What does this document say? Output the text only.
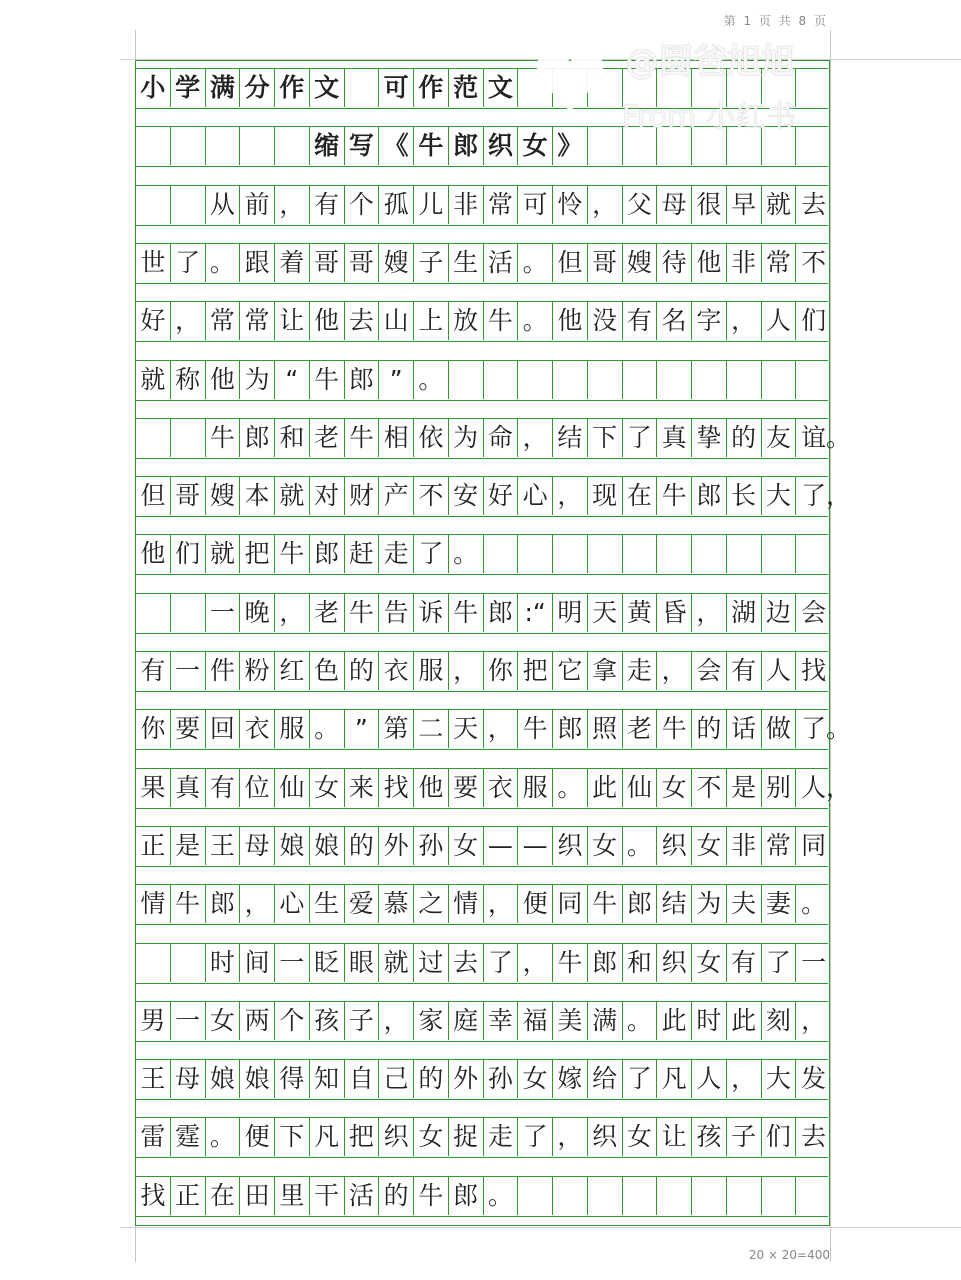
第 1 页 共 8 页
小 学 满 分 作 文 可 作 范 文
缩 写 《 牛 郎 织 女 》
从 前 ， 有 个 孤 儿 非 常 可 怜 ， 父 母 很 早 就 去
世 了 。 跟 着 哥 哥 嫂 子 生 活 。 但 哥 嫂 待 他 非 常 不
好 ， 常 常 让 他 去 山 上 放 牛 。 他 没 有 名 字 ， 人 们
就 称 他 为 “ 牛 郎 ” 。
牛 郎 和 老 牛 相 依 为 命 ， 结 下 了 真 挚 的 友 谊 。
但 哥 嫂 本 就 对 财 产 不 安 好 心 ， 现 在 牛 郎 长 大 了 ，
他 们 就 把 牛 郎 赶 走 了 。
一 晚 ， 老 牛 告 诉 牛 郎 :“ 明 天 黄 昏 ， 湖 边 会
有 一 件 粉 红 色 的 衣 服 ， 你 把 它 拿 走 ， 会 有 人 找
你 要 回 衣 服 。 ” 第 二 天 ， 牛 郎 照 老 牛 的 话 做 了 。
果 真 有 位 仙 女 来 找 他 要 衣 服 。 此 仙 女 不 是 别 人 ，
正 是 王 母 娘 娘 的 外 孙 女 — — 织 女 。 织 女 非 常 同
情 牛 郎 ， 心 生 爱 慕 之 情 ， 便 同 牛 郎 结 为 夫 妻 。
时 间 一 眨 眼 就 过 去 了 ， 牛 郎 和 织 女 有 了 一
男 一 女 两 个 孩 子 ， 家 庭 幸 福 美 满 。 此 时 此 刻 ，
王 母 娘 娘 得 知 自 己 的 外 孙 女 嫁 给 了 凡 人 ， 大 发
雷 霆 。 便 下 凡 把 织 女 捉 走 了 ， 织 女 让 孩 子 们 去
找 正 在 田 里 干 活 的 牛 郎 。
20 × 20=400
@圆爸旭旭
From 小红书
